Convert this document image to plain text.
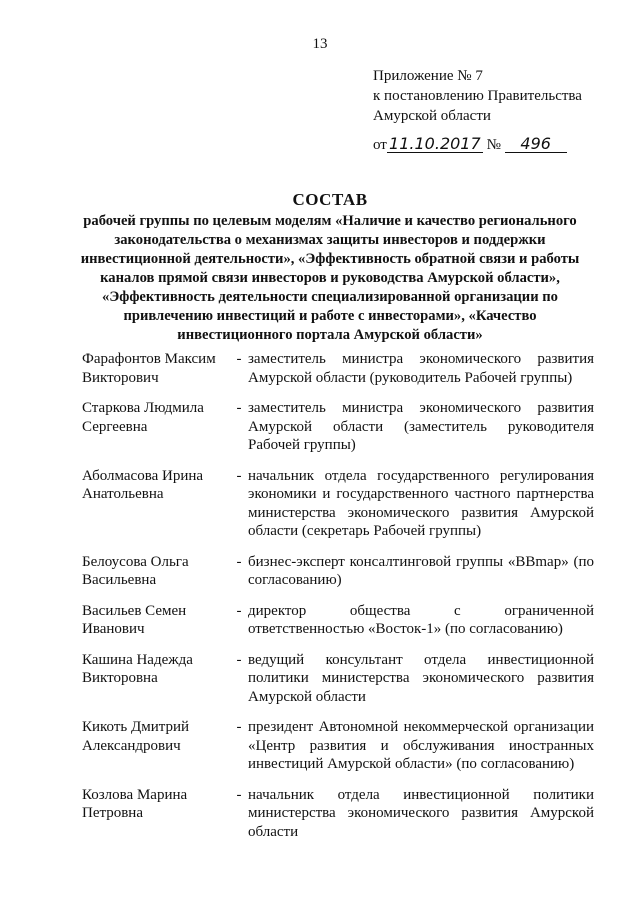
13
Приложение № 7
к постановлению Правительства
Амурской области
от 11.10.2017 № 496
СОСТАВ
рабочей группы по целевым моделям «Наличие и качество регионального законодательства о механизмах защиты инвесторов и поддержки инвестиционной деятельности», «Эффективность обратной связи и работы каналов прямой связи инвесторов и руководства Амурской области», «Эффективность деятельности специализированной организации по привлечению инвестиций и работе с инвесторами», «Качество инвестиционного портала Амурской области»
Фарафонтов Максим Викторович
- заместитель министра экономического развития Амурской области (руководитель Рабочей группы)
Старкова Людмила Сергеевна
- заместитель министра экономического развития Амурской области (заместитель руководителя Рабочей группы)
Аболмасова Ирина Анатольевна
- начальник отдела государственного регулирования экономики и государственного частного партнерства министерства экономического развития Амурской области (секретарь Рабочей группы)
Белоусова Ольга Васильевна
- бизнес-эксперт консалтинговой группы «BBmap» (по согласованию)
Васильев Семен Иванович
- директор общества с ограниченной ответственностью «Восток-1» (по согласованию)
Кашина Надежда Викторовна
- ведущий консультант отдела инвестиционной политики министерства экономического развития Амурской области
Кикоть Дмитрий Александрович
- президент Автономной некоммерческой организации «Центр развития и обслуживания иностранных инвестиций Амурской области» (по согласованию)
Козлова Марина Петровна
- начальник отдела инвестиционной политики министерства экономического развития Амурской области
